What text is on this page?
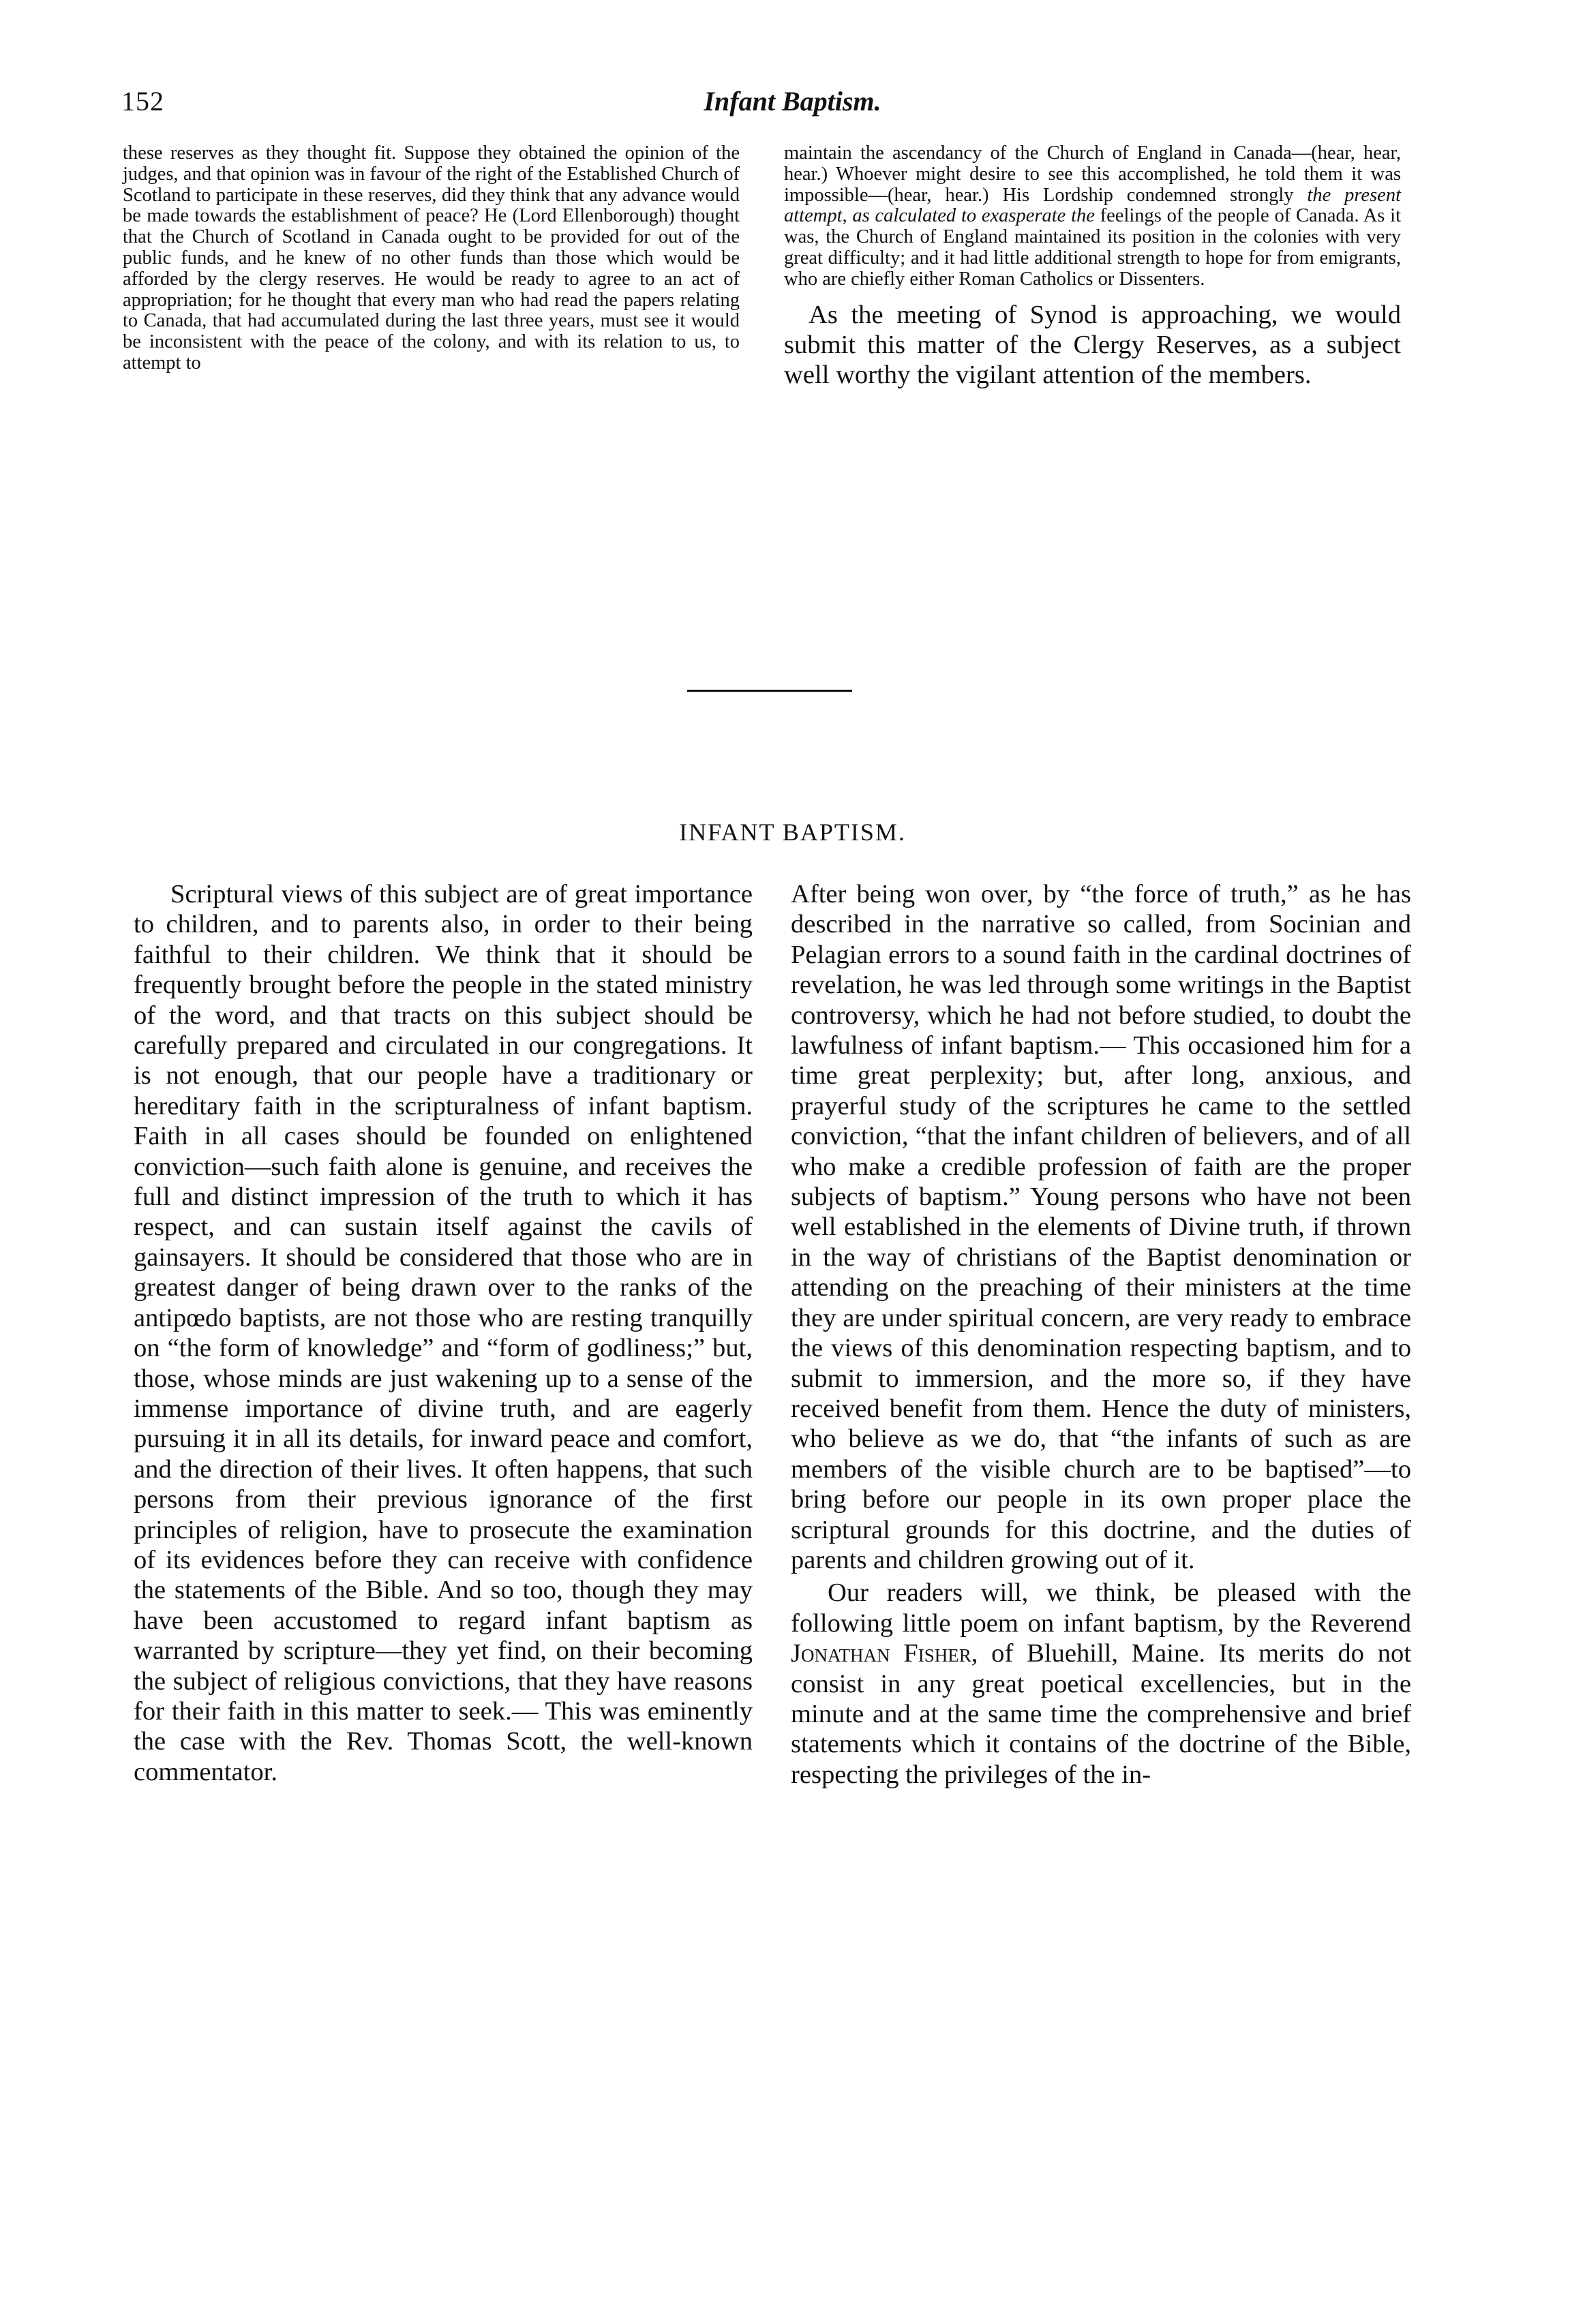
152	Infant Baptism.

these reserves as they thought fit. Suppose they obtained the opinion of the judges, and that opinion was in favour of the right of the Established Church of Scotland to participate in these reserves, did they think that any advance would be made towards the establishment of peace? He (Lord Ellenborough) thought that the Church of Scotland in Canada ought to be provided for out of the public funds, and he knew of no other funds than those which would be afforded by the clergy reserves. He would be ready to agree to an act of appropriation; for he thought that every man who had read the papers relating to Canada, that had accumulated during the last three years, must see it would be inconsistent with the peace of the colony, and with its relation to us, to attempt to

maintain the ascendancy of the Church of England in Canada—(hear, hear, hear.) Whoever might desire to see this accomplished, he told them it was impossible—(hear, hear.) His Lordship condemned strongly the present attempt, as calculated to exasperate the feelings of the people of Canada. As it was, the Church of England maintained its position in the colonies with very great difficulty; and it had little additional strength to hope for from emigrants, who are chiefly either Roman Catholics or Dissenters.

As the meeting of Synod is approaching, we would submit this matter of the Clergy Reserves, as a subject well worthy the vigilant attention of the members.

INFANT BAPTISM.

Scriptural views of this subject are of great importance to children, and to parents also, in order to their being faithful to their children. We think that it should be frequently brought before the people in the stated ministry of the word, and that tracts on this subject should be carefully prepared and circulated in our congregations. It is not enough, that our people have a traditionary or hereditary faith in the scripturalness of infant baptism. Faith in all cases should be founded on enlightened conviction—such faith alone is genuine, and receives the full and distinct impression of the truth to which it has respect, and can sustain itself against the cavils of gainsayers. It should be considered that those who are in greatest danger of being drawn over to the ranks of the antipœdo baptists, are not those who are resting tranquilly on “the form of knowledge” and “form of godliness;” but, those, whose minds are just wakening up to a sense of the immense importance of divine truth, and are eagerly pursuing it in all its details, for inward peace and comfort, and the direction of their lives. It often happens, that such persons from their previous ignorance of the first principles of religion, have to prosecute the examination of its evidences before they can receive with confidence the statements of the Bible. And so too, though they may have been accustomed to regard infant baptism as warranted by scripture—they yet find, on their becoming the subject of religious convictions, that they have reasons for their faith in this matter to seek.— This was eminently the case with the Rev. Thomas Scott, the well-known commentator.

After being won over, by “the force of truth,” as he has described in the narrative so called, from Socinian and Pelagian errors to a sound faith in the cardinal doctrines of revelation, he was led through some writings in the Baptist controversy, which he had not before studied, to doubt the lawfulness of infant baptism.— This occasioned him for a time great perplexity; but, after long, anxious, and prayerful study of the scriptures he came to the settled conviction, “that the infant children of believers, and of all who make a credible profession of faith are the proper subjects of baptism.” Young persons who have not been well established in the elements of Divine truth, if thrown in the way of christians of the Baptist denomination or attending on the preaching of their ministers at the time they are under spiritual concern, are very ready to embrace the views of this denomination respecting baptism, and to submit to immersion, and the more so, if they have received benefit from them. Hence the duty of ministers, who believe as we do, that “the infants of such as are members of the visible church are to be baptised”—to bring before our people in its own proper place the scriptural grounds for this doctrine, and the duties of parents and children growing out of it.

Our readers will, we think, be pleased with the following little poem on infant baptism, by the Reverend Jonathan Fisher, of Bluehill, Maine. Its merits do not consist in any great poetical excellencies, but in the minute and at the same time the comprehensive and brief statements which it contains of the doctrine of the Bible, respecting the privileges of the in-
